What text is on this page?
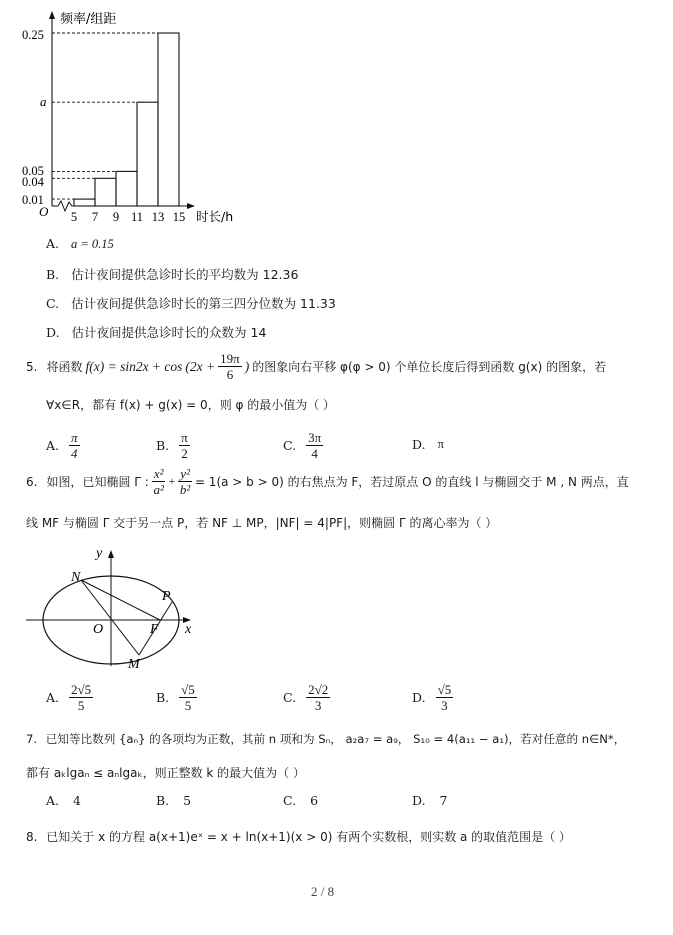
频率/组距
时长/h
O
0.25
a
0.05
0.04
0.01
5 7 9 11 13 15
A. a = 0.15
B. 估计夜间提供急诊时长的平均数为 12.36
C. 估计夜间提供急诊时长的第三四分位数为 11.33
D. 估计夜间提供急诊时长的众数为 14
5. 将函数 $f(x) = \sin 2x + \cos (2x + \frac{19\pi}{6}$ ) 的图象向右平移 φ(φ > 0) 个单位长度后得到函数 g(x) 的图象，若
∀x∈R，都有 f(x) + g(x) = 0，则 φ 的最小值为（ ）
A. $\frac{\pi}{4}$	B. $\frac{\pi}{2}$	C. $\frac{3\pi}{4}$	D. π
6. 如图，已知椭圆 Γ : $\frac{\text{x²}}{\text{a²}} + \frac{\text{y²}}{\text{b²}} = 1(a > b > 0)$ 的右焦点为 F，若过原点 O 的直线 l 与椭圆交于 M , N 两点，直
线 MF 与椭圆 Γ 交于另一点 P，若 NF ⊥ MP，|NF| = 4|PF|，则椭圆 Γ 的离心率为（ ）
y
x
N
O	F
P
M
A. $\frac{2√5}{5}$	B. $\frac{√5}{5}$	C. $\frac{2√2}{3}$	D. $\frac{√5}{3}$
7. 已知等比数列 {aₙ} 的各项均为正数，其前 n 项和为 Sₙ， a₂a₇ = a₉， S₁₀ = 4(a₁₁ − a₁)，若对任意的 n∈N*，
都有 aₖlgaₙ ≤ aₙlgaₖ，则正整数 k 的最大值为（ ）
A. 4	B. 5	C. 6	D. 7
8. 已知关于 x 的方程 a(x+1)eˣ = x + ln(x+1)(x > 0) 有两个实数根，则实数 a 的取值范围是（ ）
2 / 8
